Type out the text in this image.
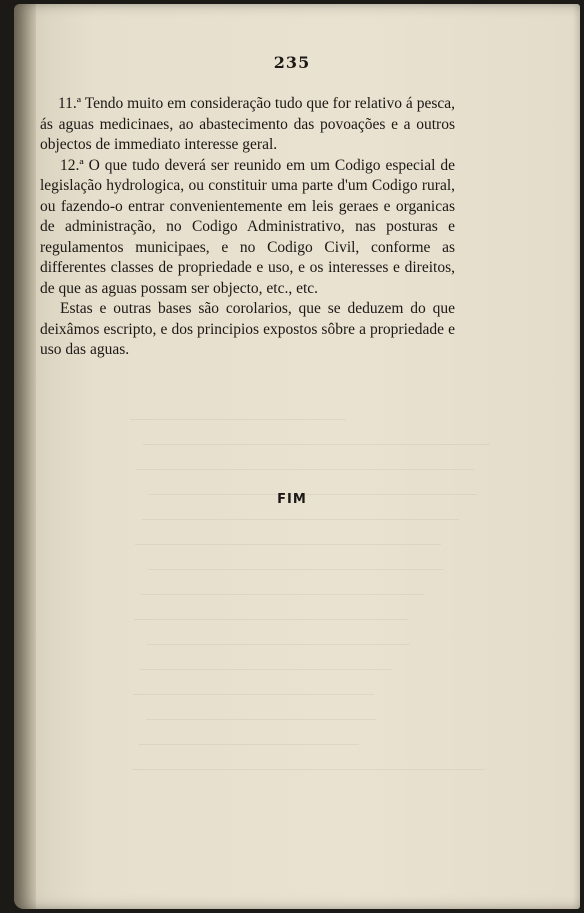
235

11.ª Tendo muito em consideração tudo que for relativo á pesca, ás aguas medicinaes, ao abastecimento das povoações e a outros objectos de immediato interesse geral.

12.ª O que tudo deverá ser reunido em um Codigo especial de legislação hydrologica, ou constituir uma parte d'um Codigo rural, ou fazendo-o entrar convenientemente em leis geraes e organicas de administração, no Codigo Administrativo, nas posturas e regulamentos municipaes, e no Codigo Civil, conforme as differentes classes de propriedade e uso, e os interesses e direitos, de que as aguas possam ser objecto, etc., etc.

Estas e outras bases são corolarios, que se deduzem do que deixâmos escripto, e dos principios expostos sôbre a propriedade e uso das aguas.

FIM
